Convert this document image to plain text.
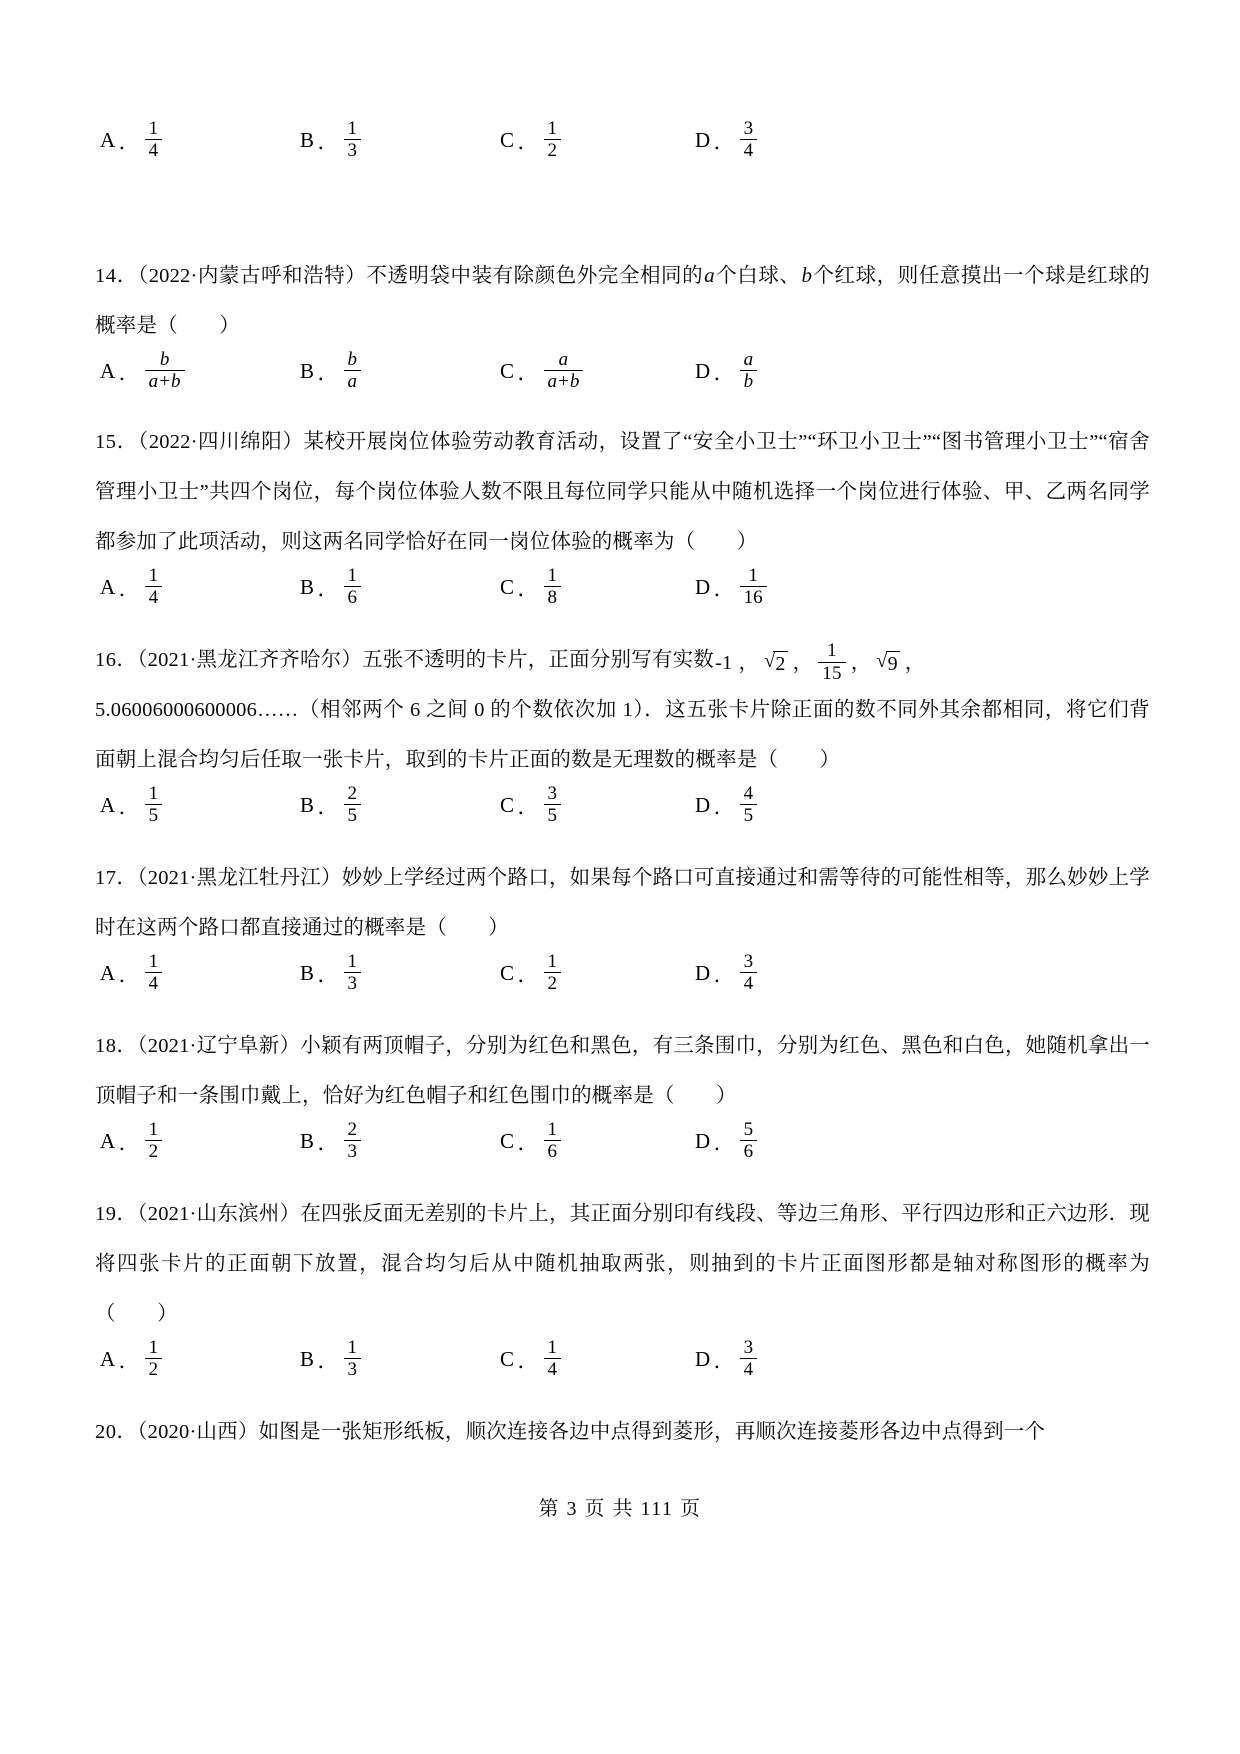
A ． $\frac{1}{4}$	B ． $\frac{1}{3}$	C ． $\frac{1}{2}$	D ． $\frac{3}{4}$

14．（2022·内蒙古呼和浩特）不透明袋中装有除颜色外完全相同的a个白球、b个红球，则任意摸出一个球是红球的概率是（　　）

A ． $\frac{b}{a+b}$	B ． $\frac{b}{a}$	C ． $\frac{a}{a+b}$	D ． $\frac{a}{b}$

15．（2022·四川绵阳）某校开展岗位体验劳动教育活动，设置了“安全小卫士”“环卫小卫士”“图书管理小卫士”“宿舍管理小卫士”共四个岗位，每个岗位体验人数不限且每位同学只能从中随机选择一个岗位进行体验、甲、乙两名同学都参加了此项活动，则这两名同学恰好在同一岗位体验的概率为（　　）

A ． $\frac{1}{4}$	B ． $\frac{1}{6}$	C ． $\frac{1}{8}$	D ． $\frac{1}{16}$

16．（2021·黑龙江齐齐哈尔）五张不透明的卡片，正面分别写有实数 -1 ， √ 2 ， $\frac{1}{15}$ ， √ 9 ，

5.06006000600006……（相邻两个 6 之间 0 的个数依次加 1）．这五张卡片除正面的数不同外其余都相同，将它们背面朝上混合均匀后任取一张卡片，取到的卡片正面的数是无理数的概率是（　　）

A ． $\frac{1}{5}$	B ． $\frac{2}{5}$	C ． $\frac{3}{5}$	D ． $\frac{4}{5}$

17．（2021·黑龙江牡丹江）妙妙上学经过两个路口，如果每个路口可直接通过和需等待的可能性相等，那么妙妙上学时在这两个路口都直接通过的概率是（　　）

A ． $\frac{1}{4}$	B ． $\frac{1}{3}$	C ． $\frac{1}{2}$	D ． $\frac{3}{4}$

18．（2021·辽宁阜新）小颖有两顶帽子，分别为红色和黑色，有三条围巾，分别为红色、黑色和白色，她随机拿出一顶帽子和一条围巾戴上，恰好为红色帽子和红色围巾的概率是（　　）

A ． $\frac{1}{2}$	B ． $\frac{2}{3}$	C ． $\frac{1}{6}$	D ． $\frac{5}{6}$

19．（2021·山东滨州）在四张反面无差别的卡片上，其正面分别印有线段、等边三角形、平行四边形和正六边形．现将四张卡片的正面朝下放置，混合均匀后从中随机抽取两张，则抽到的卡片正面图形都是轴对称图形的概率为（　　）

A ． $\frac{1}{2}$	B ． $\frac{1}{3}$	C ． $\frac{1}{4}$	D ． $\frac{3}{4}$

20．（2020·山西）如图是一张矩形纸板，顺次连接各边中点得到菱形，再顺次连接菱形各边中点得到一个

第 3 页 共 111 页
